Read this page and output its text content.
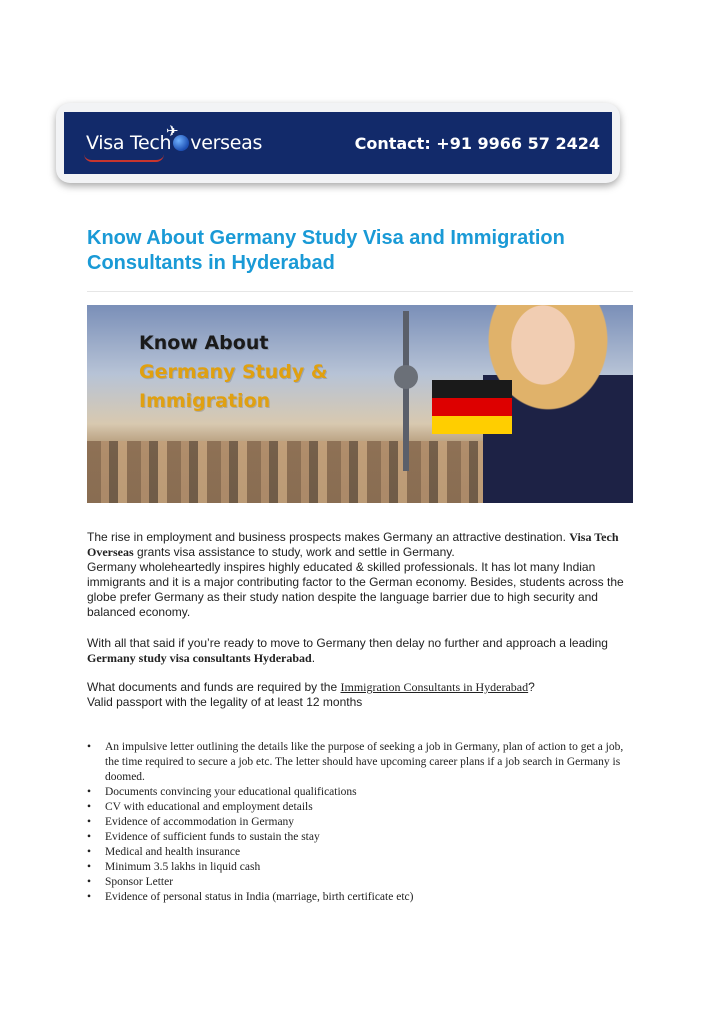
✈
Visa Tech verseas	Contact: +91 9966 57 2424
Know About Germany Study Visa and Immigration Consultants in Hyderabad
Know About
Germany Study &
Immigration
The rise in employment and business prospects makes Germany an attractive destination. Visa Tech Overseas grants visa assistance to study, work and settle in Germany.
Germany wholeheartedly inspires highly educated & skilled professionals. It has lot many Indian immigrants and it is a major contributing factor to the German economy. Besides, students across the globe prefer Germany as their study nation despite the language barrier due to high security and balanced economy.
With all that said if you’re ready to move to Germany then delay no further and approach a leading Germany study visa consultants Hyderabad.
What documents and funds are required by the Immigration Consultants in Hyderabad?
Valid passport with the legality of at least 12 months
• An impulsive letter outlining the details like the purpose of seeking a job in Germany, plan of action to get a job, the time required to secure a job etc. The letter should have upcoming career plans if a job search in Germany is doomed.
• Documents convincing your educational qualifications
• CV with educational and employment details
• Evidence of accommodation in Germany
• Evidence of sufficient funds to sustain the stay
• Medical and health insurance
• Minimum 3.5 lakhs in liquid cash
• Sponsor Letter
• Evidence of personal status in India (marriage, birth certificate etc)
